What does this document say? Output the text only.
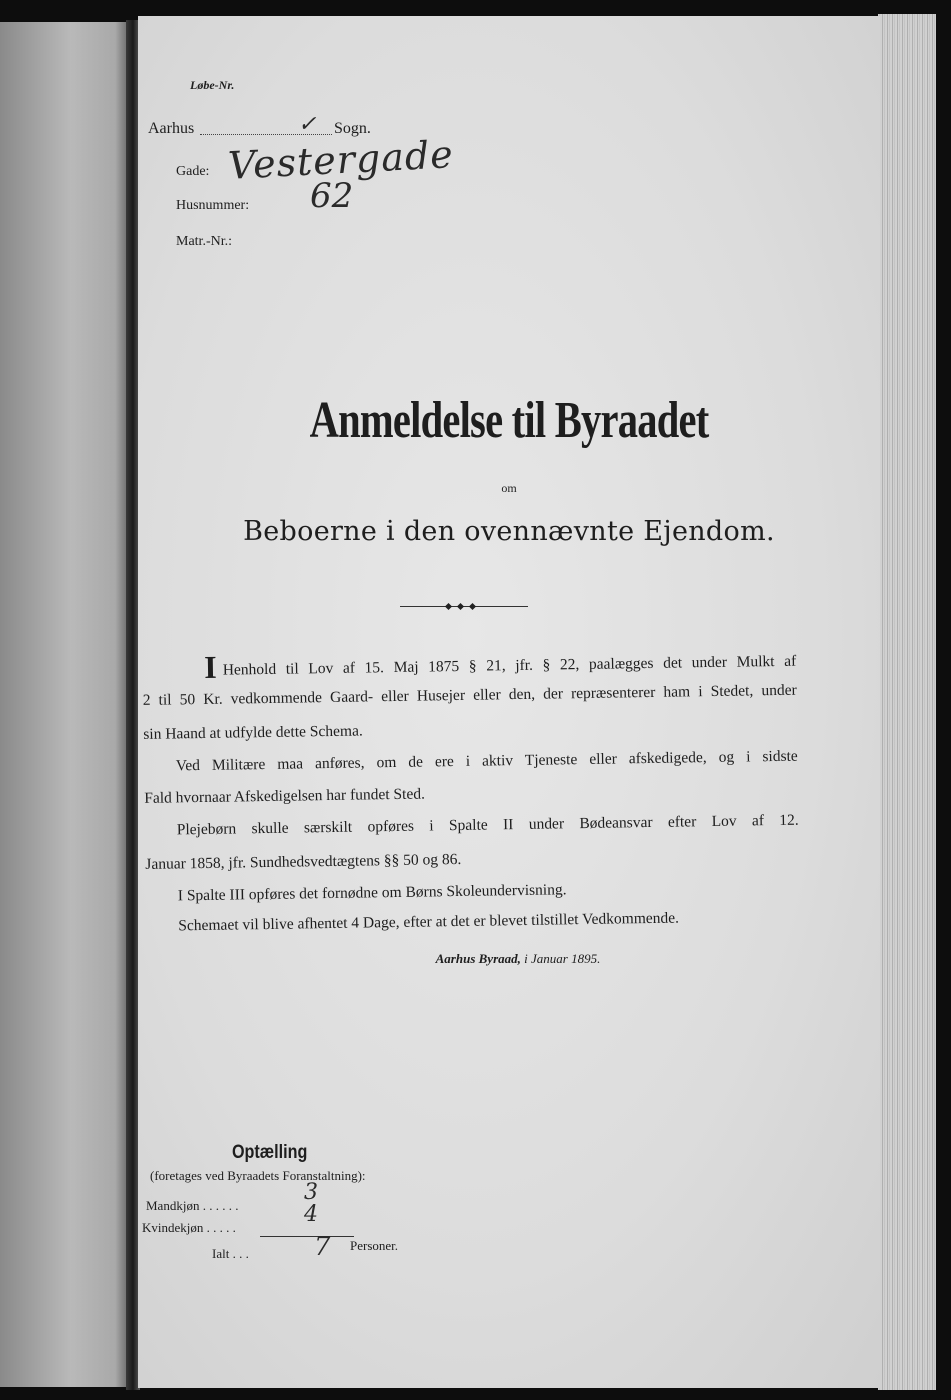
Løbe-Nr.
Aarhus	✓ Sogn.
Gade: Vestergade
Husnummer: 62
Matr.-Nr.:
Anmeldelse til Byraadet
om
Beboerne i den ovennævnte Ejendom.
I Henhold til Lov af 15. Maj 1875 § 21, jfr. § 22, paalægges det under Mulkt af
2 til 50 Kr. vedkommende Gaard- eller Husejer eller den, der repræsenterer ham i Stedet, under
sin Haand at udfylde dette Schema.
Ved Militære maa anføres, om de ere i aktiv Tjeneste eller afskedigede, og i sidste
Fald hvornaar Afskedigelsen har fundet Sted.
Plejebørn skulle særskilt opføres i Spalte II under Bødeansvar efter Lov af 12.
Januar 1858, jfr. Sundhedsvedtægtens §§ 50 og 86.
I Spalte III opføres det fornødne om Børns Skoleundervisning.
Schemaet vil blive afhentet 4 Dage, efter at det er blevet tilstillet Vedkommende.
Aarhus Byraad, i Januar 1895.
Optælling
(foretages ved Byraadets Foranstaltning):
Mandkjøn . . . . . .
3
Kvindekjøn . . . . .
4
Ialt . . .	7 Personer.
